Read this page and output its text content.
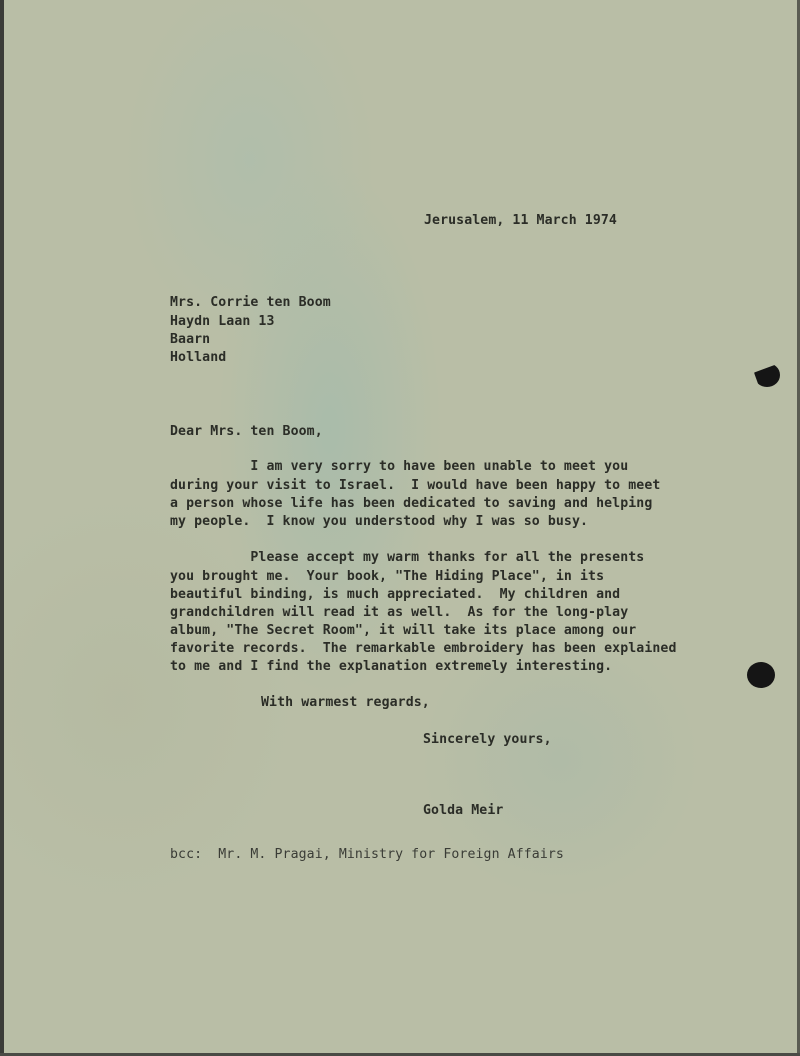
Jerusalem, 11 March 1974
Mrs. Corrie ten Boom
Haydn Laan 13
Baarn
Holland
Dear Mrs. ten Boom,
I am very sorry to have been unable to meet you
during your visit to Israel.  I would have been happy to meet
a person whose life has been dedicated to saving and helping
my people.  I know you understood why I was so busy.
Please accept my warm thanks for all the presents
you brought me.  Your book, "The Hiding Place", in its
beautiful binding, is much appreciated.  My children and
grandchildren will read it as well.  As for the long-play
album, "The Secret Room", it will take its place among our
favorite records.  The remarkable embroidery has been explained
to me and I find the explanation extremely interesting.
With warmest regards,
Sincerely yours,
Golda Meir
bcc:  Mr. M. Pragai, Ministry for Foreign Affairs
